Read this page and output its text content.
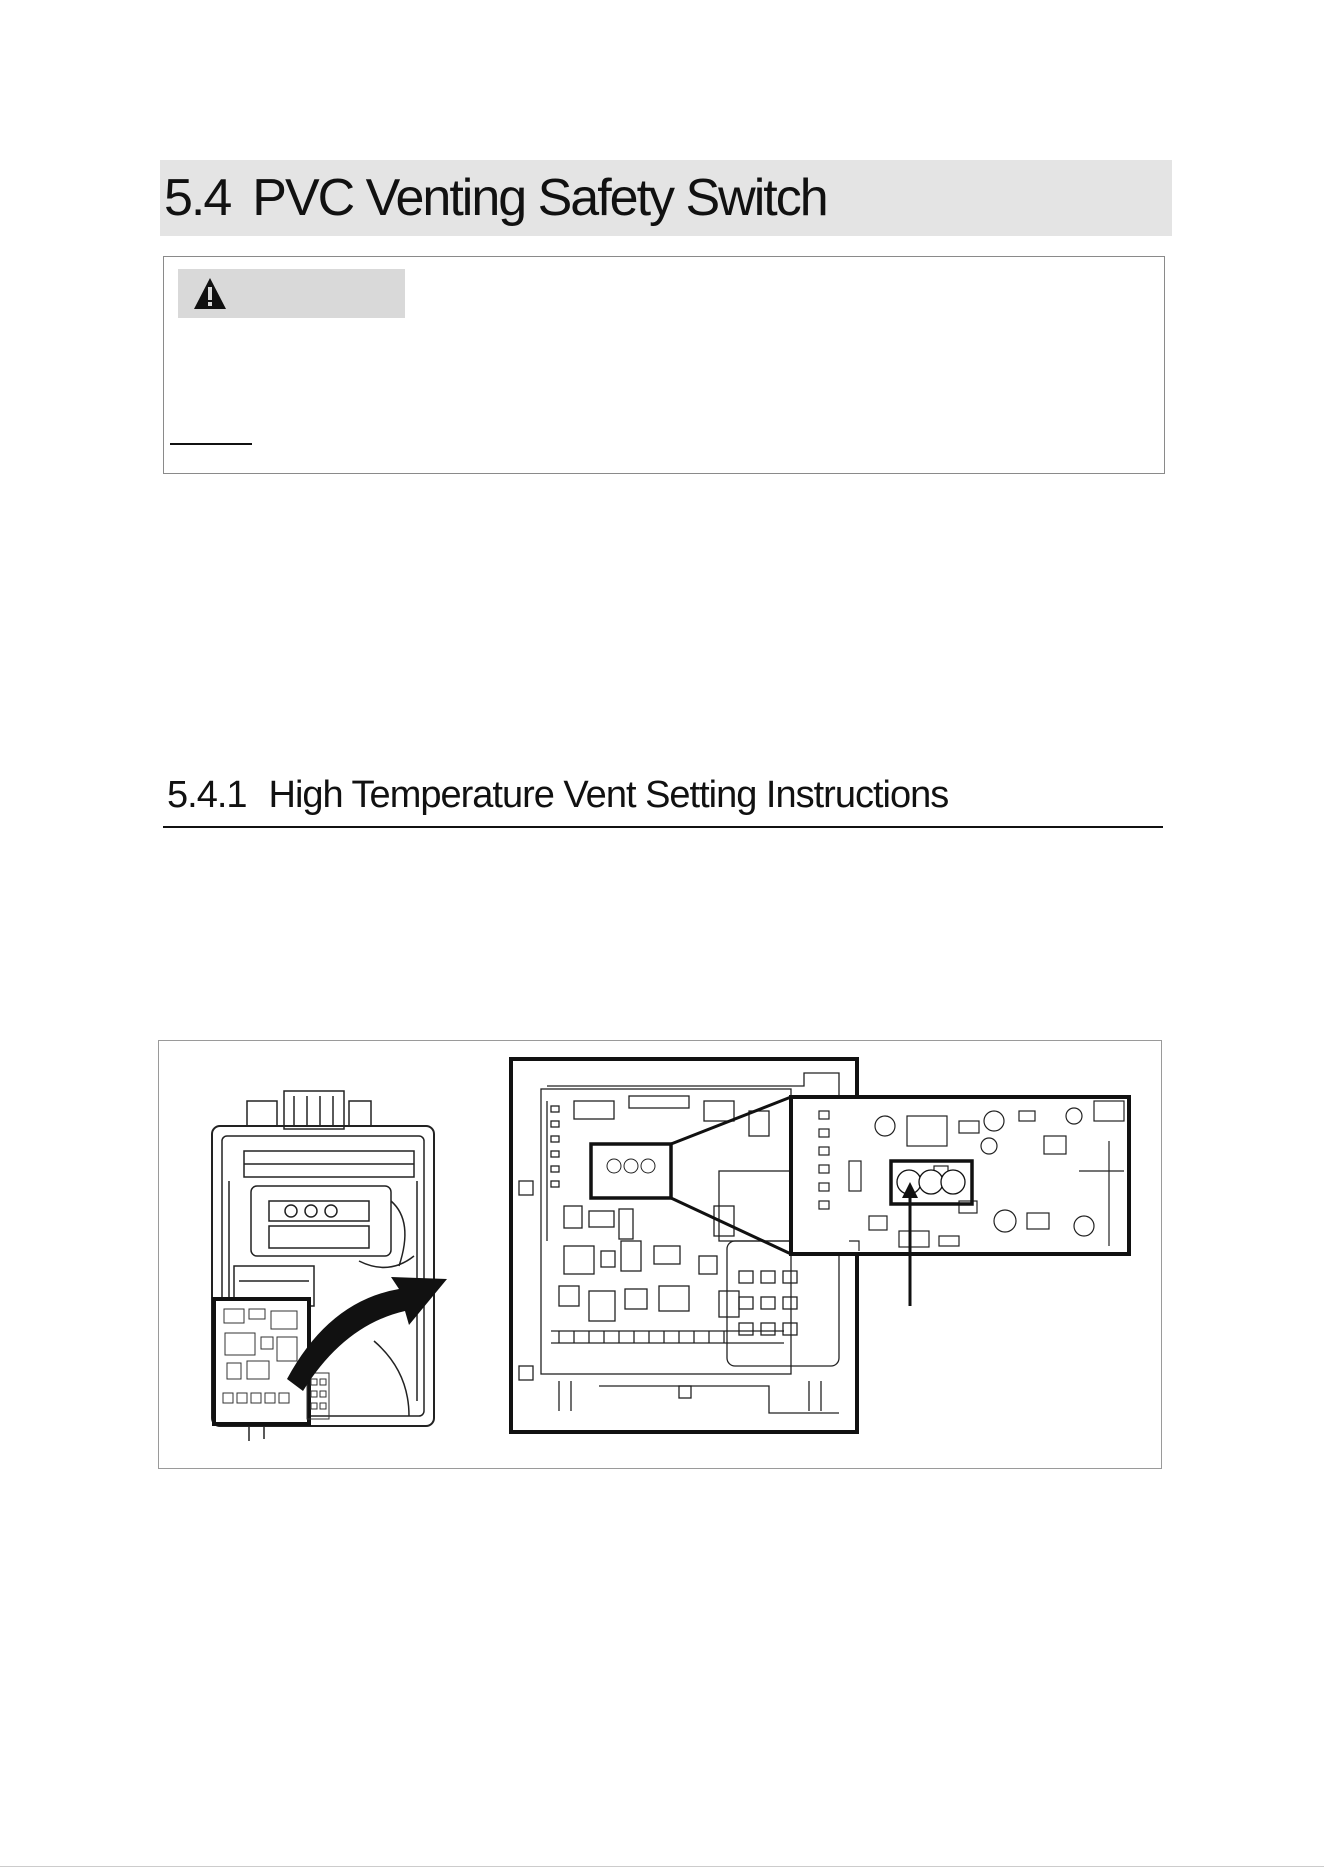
5.4 PVC Venting Safety Switch
5.4.1 High Temperature Vent Setting Instructions
